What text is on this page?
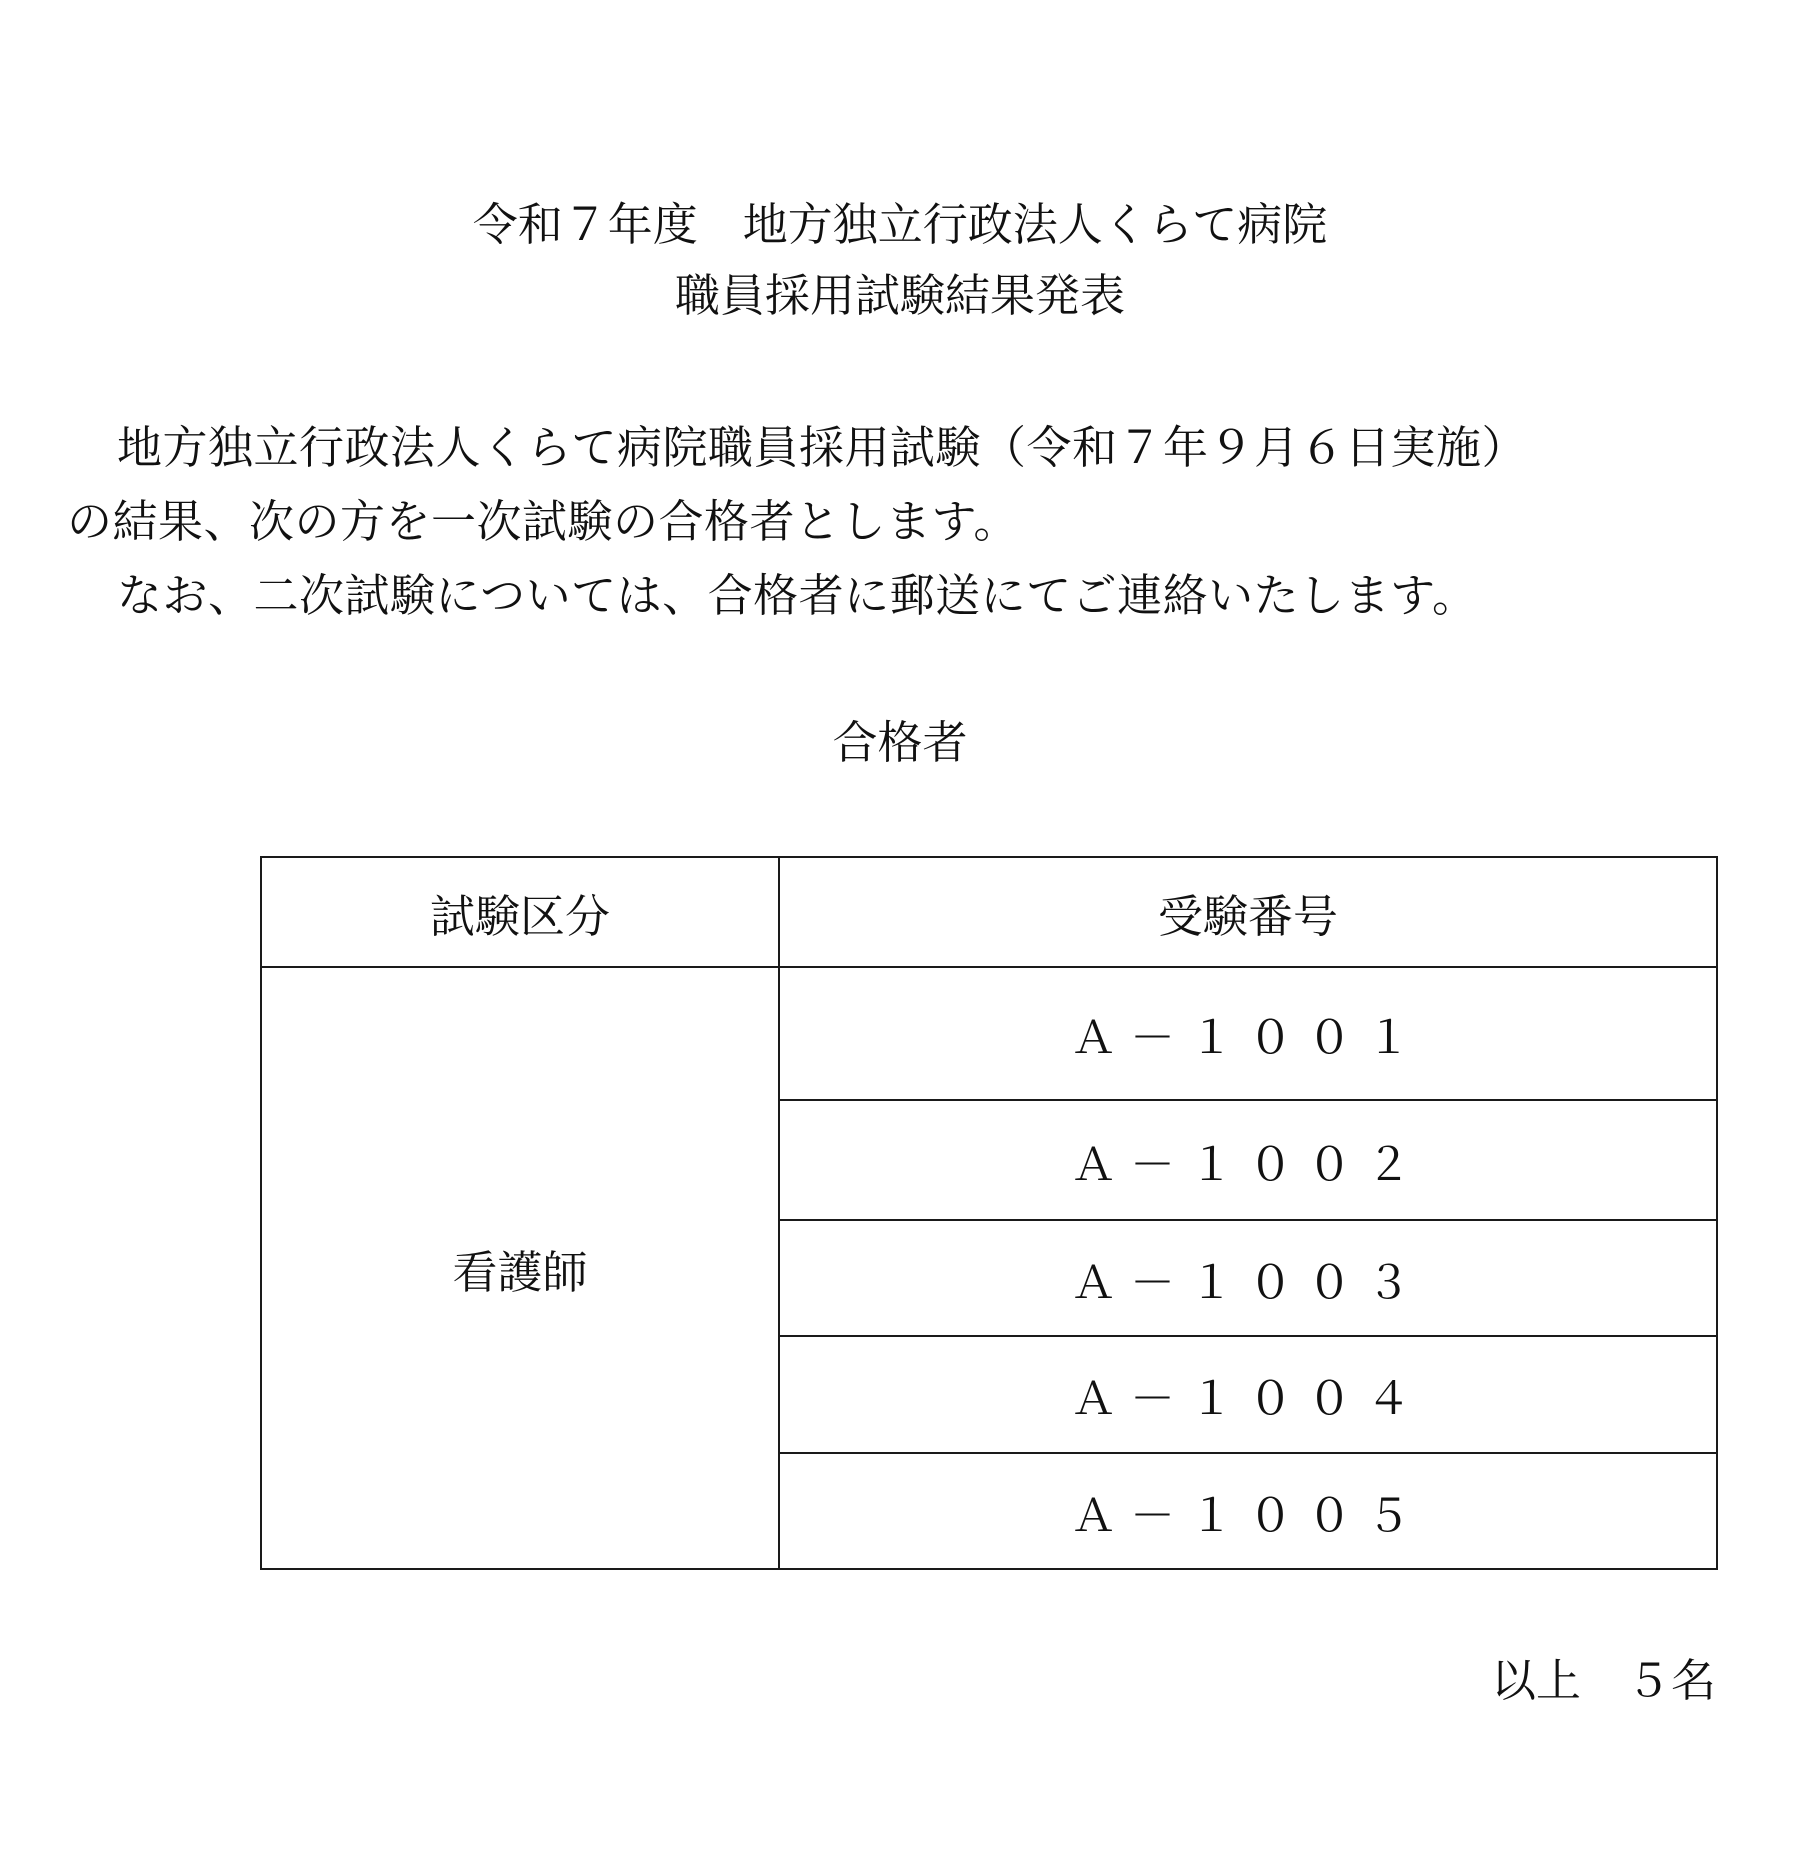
令和７年度　地方独立行政法人くらて病院
職員採用試験結果発表
地方独立行政法人くらて病院職員採用試験（令和７年９月６日実施）
の結果、次の方を一次試験の合格者とします。
なお、二次試験については、合格者に郵送にてご連絡いたします。
合格者
試験区分	受験番号
看護師	Ａ－１００１
	Ａ－１００２
	Ａ－１００３
	Ａ－１００４
	Ａ－１００５
以上　５名
